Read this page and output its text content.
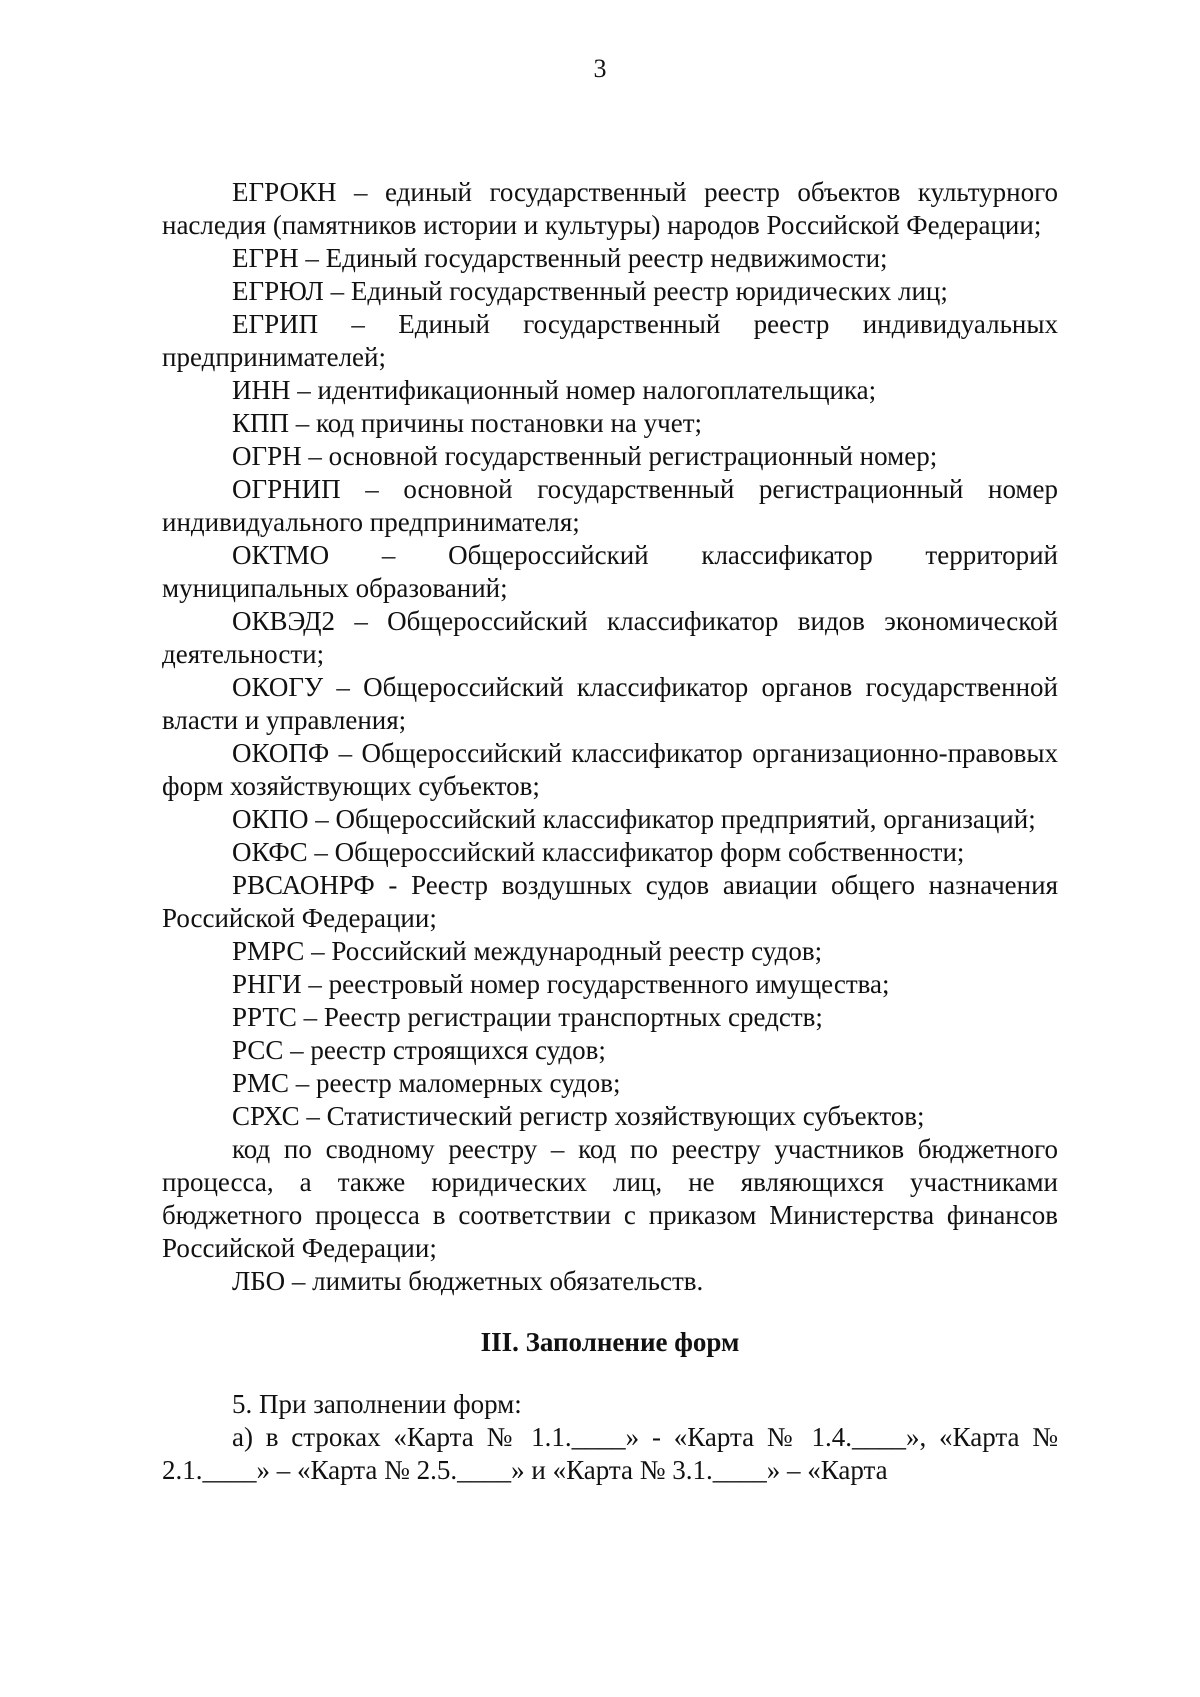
3

ЕГРОКН – единый государственный реестр объектов культурного наследия (памятников истории и культуры) народов Российской Федерации;

ЕГРН – Единый государственный реестр недвижимости;

ЕГРЮЛ – Единый государственный реестр юридических лиц;

ЕГРИП – Единый государственный реестр индивидуальных предпринимателей;

ИНН – идентификационный номер налогоплательщика;

КПП – код причины постановки на учет;

ОГРН – основной государственный регистрационный номер;

ОГРНИП – основной государственный регистрационный номер индивидуального предпринимателя;

ОКТМО – Общероссийский классификатор территорий муниципальных образований;

ОКВЭД2 – Общероссийский классификатор видов экономической деятельности;

ОКОГУ – Общероссийский классификатор органов государственной власти и управления;

ОКОПФ – Общероссийский классификатор организационно-правовых форм хозяйствующих субъектов;

ОКПО – Общероссийский классификатор предприятий, организаций;

ОКФС – Общероссийский классификатор форм собственности;

РВСАОНРФ - Реестр воздушных судов авиации общего назначения Российской Федерации;

РМРС – Российский международный реестр судов;

РНГИ – реестровый номер государственного имущества;

РРТС – Реестр регистрации транспортных средств;

РСС – реестр строящихся судов;

РМС – реестр маломерных судов;

СРХС – Статистический регистр хозяйствующих субъектов;

код по сводному реестру – код по реестру участников бюджетного процесса, а также юридических лиц, не являющихся участниками бюджетного процесса в соответствии с приказом Министерства финансов Российской Федерации;

ЛБО – лимиты бюджетных обязательств.

III. Заполнение форм

5. При заполнении форм:

а) в строках «Карта № 1.1.____» - «Карта № 1.4.____», «Карта № 2.1.____» – «Карта № 2.5.____» и «Карта № 3.1.____» – «Карта
